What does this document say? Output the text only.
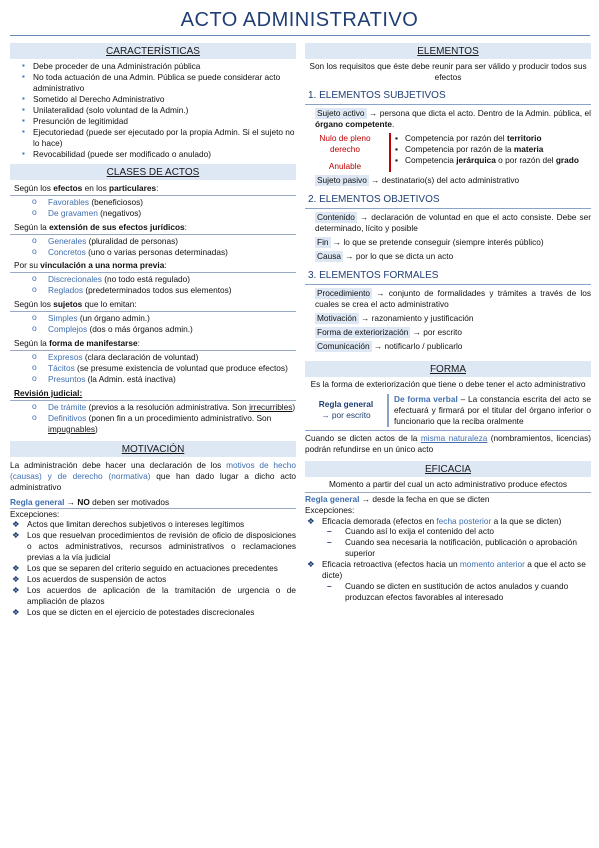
ACTO ADMINISTRATIVO
CARACTERÍSTICAS
▪ Debe proceder de una Administración pública
▪ No toda actuación de una Admin. Pública se puede considerar acto administrativo
▪ Sometido al Derecho Administrativo
▪ Unilateralidad (solo voluntad de la Admin.)
▪ Presunción de legitimidad
▪ Ejecutoriedad (puede ser ejecutado por la propia Admin. Si el sujeto no lo hace)
▪ Revocabilidad (puede ser modificado o anulado)
CLASES DE ACTOS
Según los efectos en los particulares:
o Favorables (beneficiosos)
o De gravamen (negativos)
Según la extensión de sus efectos jurídicos:
o Generales (pluralidad de personas)
o Concretos (uno o varias personas determinadas)
Por su vinculación a una norma previa:
o Discrecionales (no todo está regulado)
o Reglados (predeterminados todos sus elementos)
Según los sujetos que lo emitan:
o Simples (un órgano admin.)
o Complejos (dos o más órganos admin.)
Según la forma de manifestarse:
o Expresos (clara declaración de voluntad)
o Tácitos (se presume existencia de voluntad que produce efectos)
o Presuntos (la Admin. está inactiva)
Revisión judicial:
o De trámite (previos a la resolución administrativa. Son irrecurribles)
o Definitivos (ponen fin a un procedimiento administrativo. Son impugnables)
MOTIVACIÓN
La administración debe hacer una declaración de los motivos de hecho (causas) y de derecho (normativa) que han dado lugar a dicho acto administrativo
Regla general → NO deben ser motivados
Excepciones:
❖ Actos que limitan derechos subjetivos o intereses legítimos
❖ Los que resuelvan procedimientos de revisión de oficio de disposiciones o actos administrativos, recursos administrativos o reclamaciones previas a la vía judicial
❖ Los que se separen del criterio seguido en actuaciones precedentes
❖ Los acuerdos de suspensión de actos
❖ Los acuerdos de aplicación de la tramitación de urgencia o de ampliación de plazos
❖ Los que se dicten en el ejercicio de potestades discrecionales
ELEMENTOS
Son los requisitos que éste debe reunir para ser válido y producir todos sus efectos
1. ELEMENTOS SUBJETIVOS
Sujeto activo → persona que dicta el acto. Dentro de la Admin. pública, el órgano competente.
Nulo de pleno derecho
Anulable

▪ Competencia por razón del territorio
▪ Competencia por razón de la materia
▪ Competencia jerárquica o por razón del grado
Sujeto pasivo → destinatario(s) del acto administrativo
2. ELEMENTOS OBJETIVOS
Contenido → declaración de voluntad en que el acto consiste. Debe ser determinado, lícito y posible
Fin → lo que se pretende conseguir (siempre interés público)
Causa → por lo que se dicta un acto
3. ELEMENTOS FORMALES
Procedimiento → conjunto de formalidades y trámites a través de los cuales se crea el acto administrativo
Motivación → razonamiento y justificación
Forma de exteriorización → por escrito
Comunicación → notificarlo / publicarlo
FORMA
Es la forma de exteriorización que tiene o debe tener el acto administrativo
Regla general
→ por escrito
	De forma verbal – La constancia escrita del acto se efectuará y firmará por el titular del órgano inferior o funcionario que la reciba oralmente
Cuando se dicten actos de la misma naturaleza (nombramientos, licencias) podrán refundirse en un único acto
EFICACIA
Momento a partir del cual un acto administrativo produce efectos
Regla general → desde la fecha en que se dicten
Excepciones:
❖ Eficacia demorada (efectos en fecha posterior a la que se dicten)
– Cuando así lo exija el contenido del acto
– Cuando sea necesaria la notificación, publicación o aprobación superior
❖ Eficacia retroactiva (efectos hacia un momento anterior a que el acto se dicte)
– Cuando se dicten en sustitución de actos anulados y cuando produzcan efectos favorables al interesado
